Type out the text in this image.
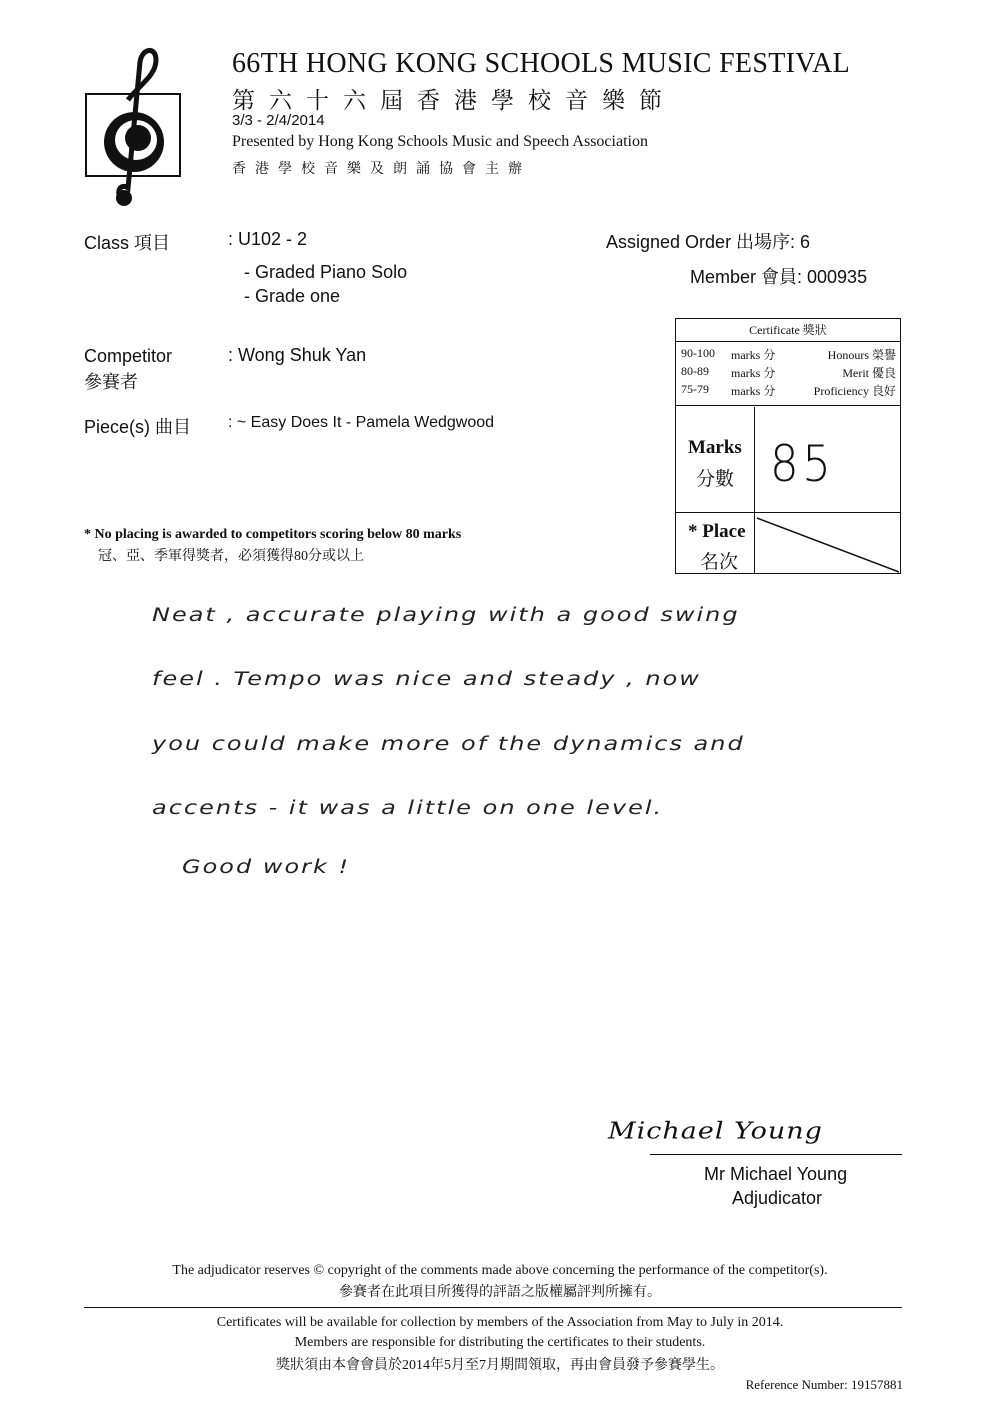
66TH HONG KONG SCHOOLS MUSIC FESTIVAL
第六十六屆香港學校音樂節
3/3 - 2/4/2014
Presented by Hong Kong Schools Music and Speech Association
香港學校音樂及朗誦協會主辦
Class 項目	: U102 - 2
- Graded Piano Solo
- Grade one
Assigned Order 出場序: 6
Member 會員: 000935
Competitor
參賽者
: Wong Shuk Yan
Piece(s) 曲目 : ~ Easy Does It - Pamela Wedgwood
Certificate 獎狀
90-100 marks 分	Honours 榮譽
80-89 marks 分	Merit 優良
75-79 marks 分	Proficiency 良好
Marks
分數 85
* Place
名次
* No placing is awarded to competitors scoring below 80 marks
冠、亞、季軍得獎者，必須獲得80分或以上
Neat , accurate playing with a good swing
feel . Tempo was nice and steady , now
you could make more of the dynamics and
accents - it was a little on one level.
Good work !
Michael Young
Mr Michael Young
Adjudicator
The adjudicator reserves © copyright of the comments made above concerning the performance of the competitor(s).
參賽者在此項目所獲得的評語之版權屬評判所擁有。
Certificates will be available for collection by members of the Association from May to July in 2014.
Members are responsible for distributing the certificates to their students.
獎狀須由本會會員於2014年5月至7月期間領取，再由會員發予參賽學生。
Reference Number: 19157881
